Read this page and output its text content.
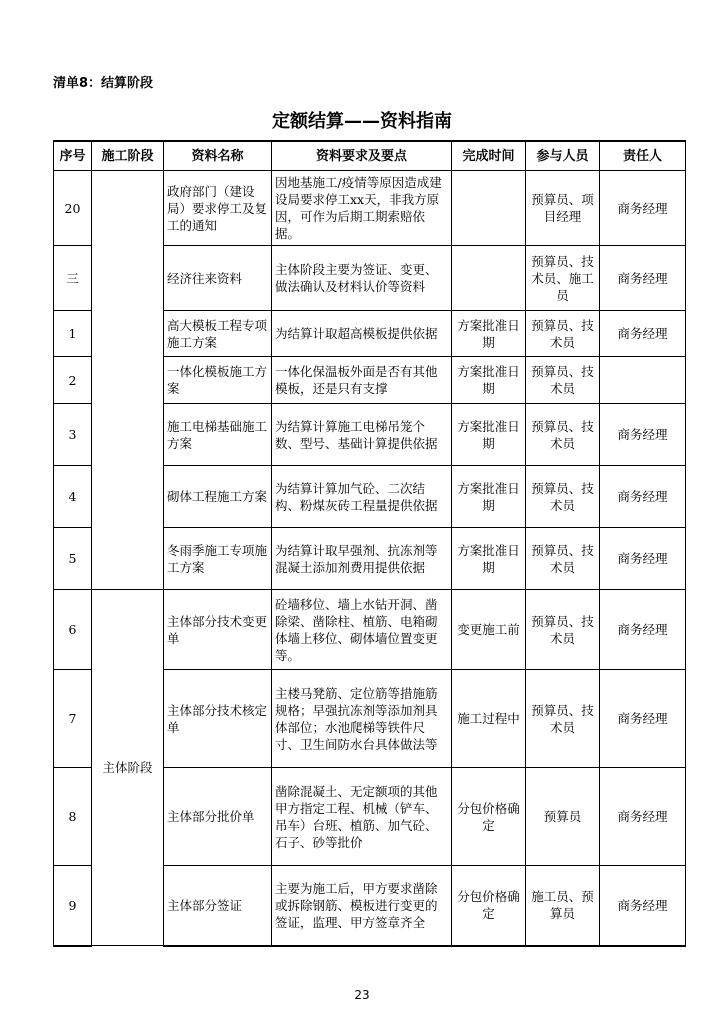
清单8：结算阶段
定额结算——资料指南
序号	施工阶段	资料名称	资料要求及要点	完成时间	参与人员	责任人
20		政府部门（建设局）要求停工及复工的通知	因地基施工/疫情等原因造成建设局要求停工xx天，非我方原因，可作为后期工期索赔依据。		预算员、项目经理	商务经理
三		经济往来资料	主体阶段主要为签证、变更、做法确认及材料认价等资料		预算员、技术员、施工员	商务经理
1		高大模板工程专项施工方案	为结算计取超高模板提供依据	方案批准日期	预算员、技术员	商务经理
2		一体化模板施工方案	一体化保温板外面是否有其他模板，还是只有支撑	方案批准日期	预算员、技术员	
3		施工电梯基础施工方案	为结算计算施工电梯吊笼个数、型号、基础计算提供依据	方案批准日期	预算员、技术员	商务经理
4		砌体工程施工方案	为结算计算加气砼、二次结构、粉煤灰砖工程量提供依据	方案批准日期	预算员、技术员	商务经理
5		冬雨季施工专项施工方案	为结算计取早强剂、抗冻剂等混凝土添加剂费用提供依据	方案批准日期	预算员、技术员	商务经理
6	主体阶段	主体部分技术变更单	砼墙移位、墙上水钻开洞、凿除梁、凿除柱、植筋、电箱砌体墙上移位、砌体墙位置变更等。	变更施工前	预算员、技术员	商务经理
7		主体部分技术核定单	主楼马凳筋、定位筋等措施筋规格；早强抗冻剂等添加剂具体部位；水池爬梯等铁件尺寸、卫生间防水台具体做法等	施工过程中	预算员、技术员	商务经理
8		主体部分批价单	凿除混凝土、无定额项的其他甲方指定工程、机械（铲车、吊车）台班、植筋、加气砼、石子、砂等批价	分包价格确定	预算员	商务经理
9		主体部分签证	主要为施工后，甲方要求凿除或拆除钢筋、模板进行变更的签证，监理、甲方签章齐全	分包价格确定	施工员、预算员	商务经理
23
